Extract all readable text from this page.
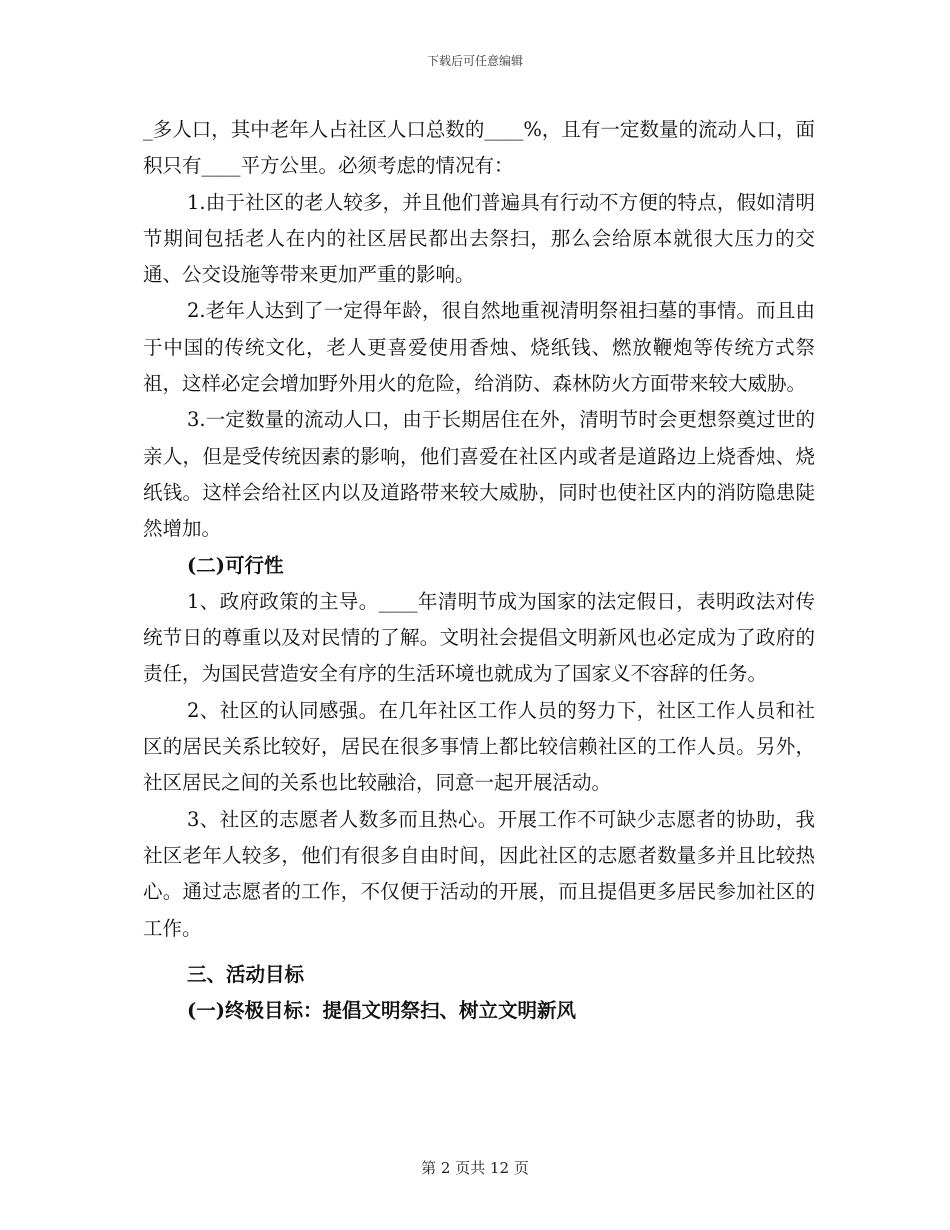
下载后可任意编辑

_多人口，其中老年人占社区人口总数的____%，且有一定数量的流动人口，面积只有____平方公里。必须考虑的情况有：

1.由于社区的老人较多，并且他们普遍具有行动不方便的特点，假如清明节期间包括老人在内的社区居民都出去祭扫，那么会给原本就很大压力的交通、公交设施等带来更加严重的影响。

2.老年人达到了一定得年龄，很自然地重视清明祭祖扫墓的事情。而且由于中国的传统文化，老人更喜爱使用香烛、烧纸钱、燃放鞭炮等传统方式祭祖，这样必定会增加野外用火的危险，给消防、森林防火方面带来较大威胁。

3.一定数量的流动人口，由于长期居住在外，清明节时会更想祭奠过世的亲人，但是受传统因素的影响，他们喜爱在社区内或者是道路边上烧香烛、烧纸钱。这样会给社区内以及道路带来较大威胁，同时也使社区内的消防隐患陡然增加。

(二)可行性

1、政府政策的主导。____年清明节成为国家的法定假日，表明政法对传统节日的尊重以及对民情的了解。文明社会提倡文明新风也必定成为了政府的责任，为国民营造安全有序的生活环境也就成为了国家义不容辞的任务。

2、社区的认同感强。在几年社区工作人员的努力下，社区工作人员和社区的居民关系比较好，居民在很多事情上都比较信赖社区的工作人员。另外，社区居民之间的关系也比较融洽，同意一起开展活动。

3、社区的志愿者人数多而且热心。开展工作不可缺少志愿者的协助，我社区老年人较多，他们有很多自由时间，因此社区的志愿者数量多并且比较热心。通过志愿者的工作，不仅便于活动的开展，而且提倡更多居民参加社区的工作。

三、活动目标

(一)终极目标：提倡文明祭扫、树立文明新风

第 2 页共 12 页
